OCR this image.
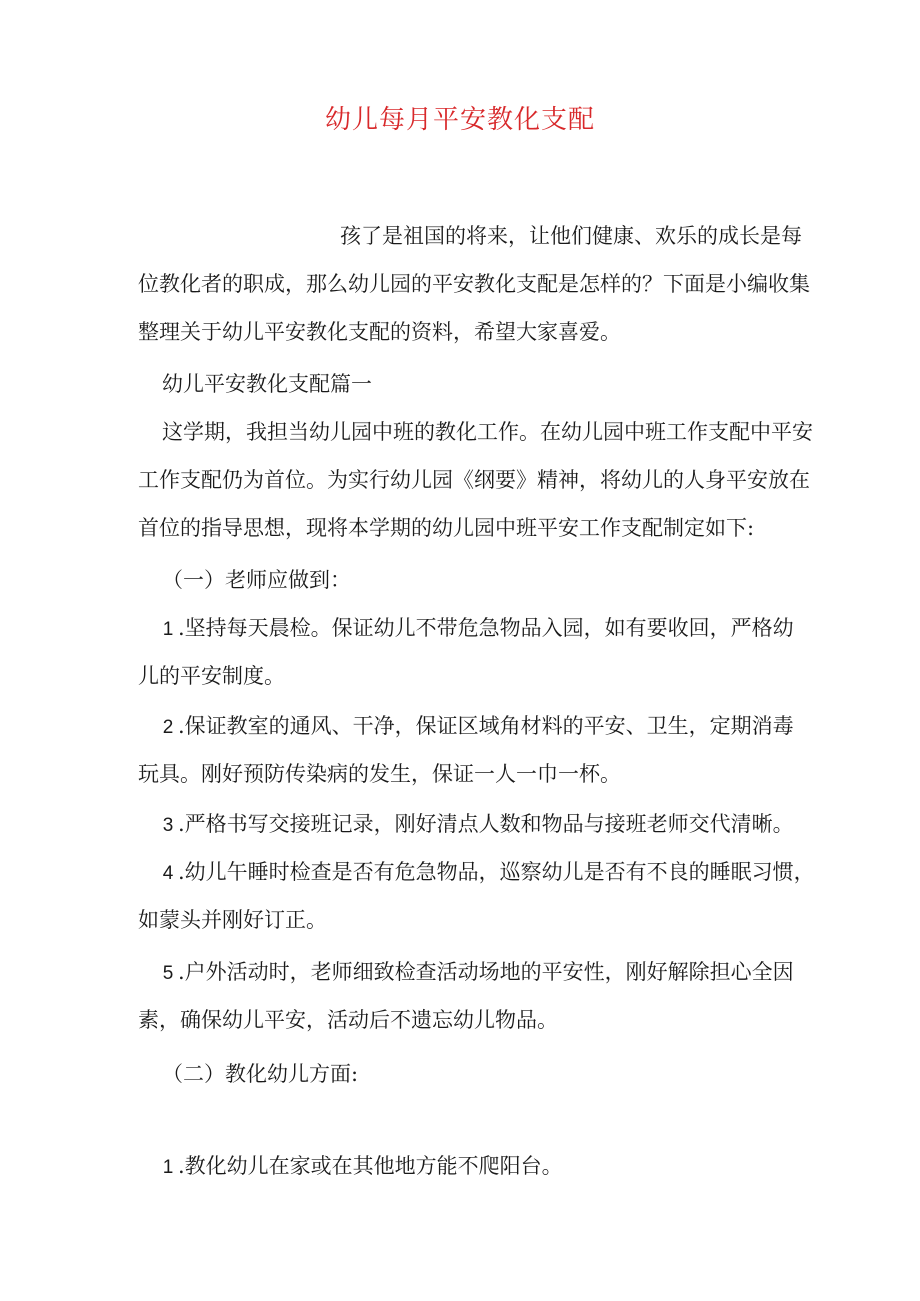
幼儿每月平安教化支配
孩了是祖国的将来，让他们健康、欢乐的成长是每
位教化者的职成，那么幼儿园的平安教化支配是怎样的？下面是小编收集
整理关于幼儿平安教化支配的资料，希望大家喜爱。
幼儿平安教化支配篇一
这学期，我担当幼儿园中班的教化工作。在幼儿园中班工作支配中平安
工作支配仍为首位。为实行幼儿园《纲要》精神，将幼儿的人身平安放在
首位的指导思想，现将本学期的幼儿园中班平安工作支配制定如下:
（一）老师应做到：
1 .坚持每天晨检。保证幼儿不带危急物品入园，如有要收回，严格幼
儿的平安制度。
2 .保证教室的通风、干净，保证区域角材料的平安、卫生，定期消毒
玩具。刚好预防传染病的发生，保证一人一巾一杯。
3 .严格书写交接班记录，刚好清点人数和物品与接班老师交代清晰。
4 .幼儿午睡时检查是否有危急物品，巡察幼儿是否有不良的睡眠习惯，
如蒙头并刚好订正。
5 .户外活动时，老师细致检查活动场地的平安性，刚好解除担心全因
素，确保幼儿平安，活动后不遗忘幼儿物品。
（二）教化幼儿方面:
1 .教化幼儿在家或在其他地方能不爬阳台。
